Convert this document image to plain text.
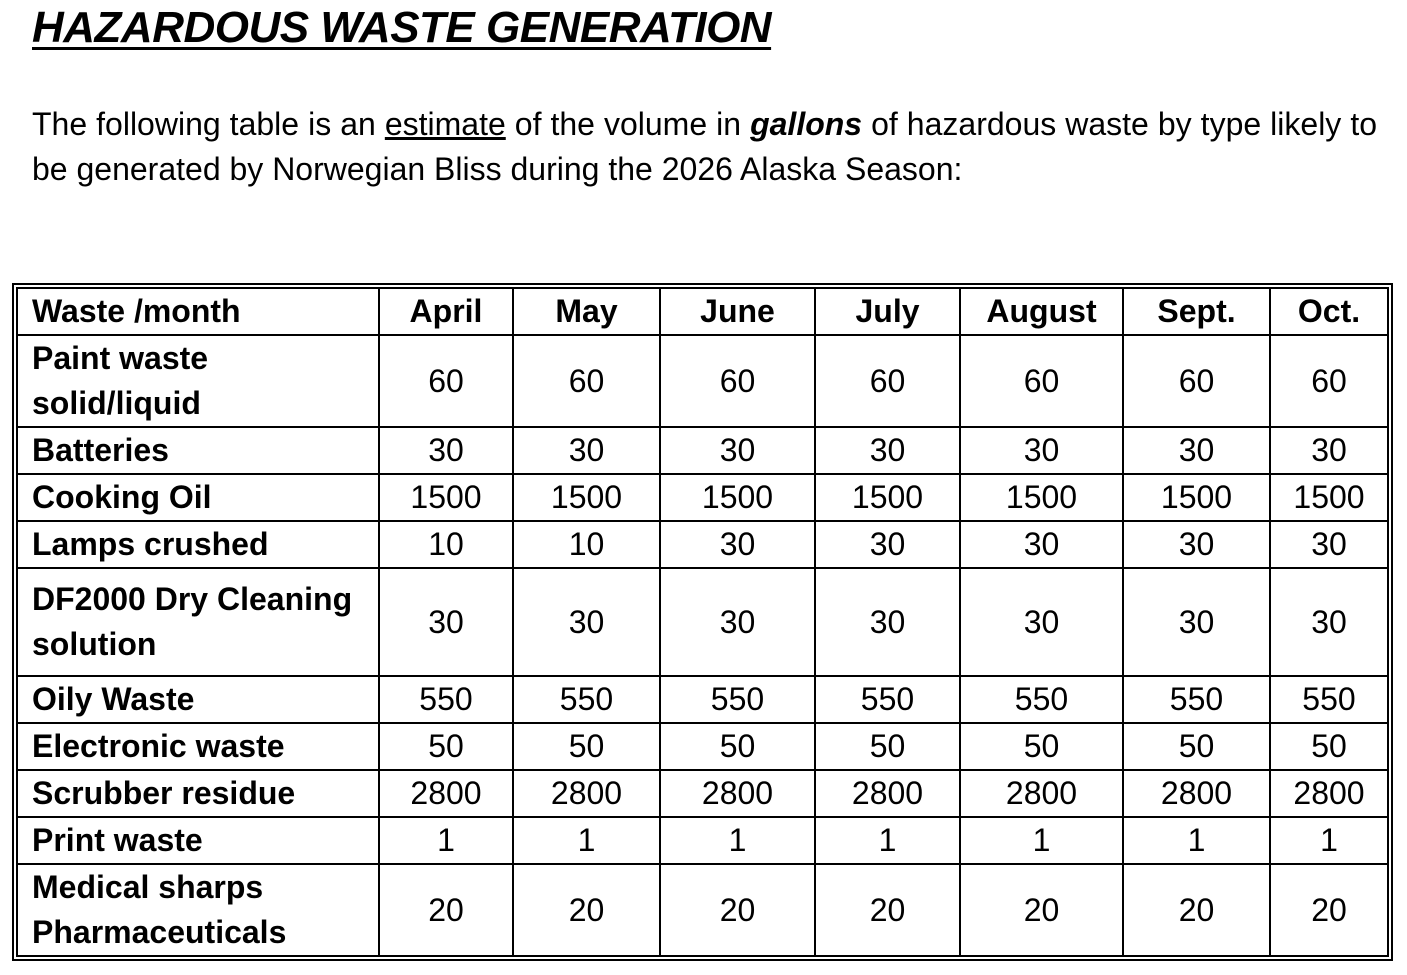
HAZARDOUS WASTE GENERATION

The following table is an estimate of the volume in gallons of hazardous waste by type likely to be generated by Norwegian Bliss during the 2026 Alaska Season:

Waste /month	April	May	June	July	August	Sept.	Oct.
Paint waste solid/liquid	60	60	60	60	60	60	60
Batteries	30	30	30	30	30	30	30
Cooking Oil	1500	1500	1500	1500	1500	1500	1500
Lamps crushed	10	10	30	30	30	30	30
DF2000 Dry Cleaning solution	30	30	30	30	30	30	30
Oily Waste	550	550	550	550	550	550	550
Electronic waste	50	50	50	50	50	50	50
Scrubber residue	2800	2800	2800	2800	2800	2800	2800
Print waste	1	1	1	1	1	1	1
Medical sharps Pharmaceuticals	20	20	20	20	20	20	20
